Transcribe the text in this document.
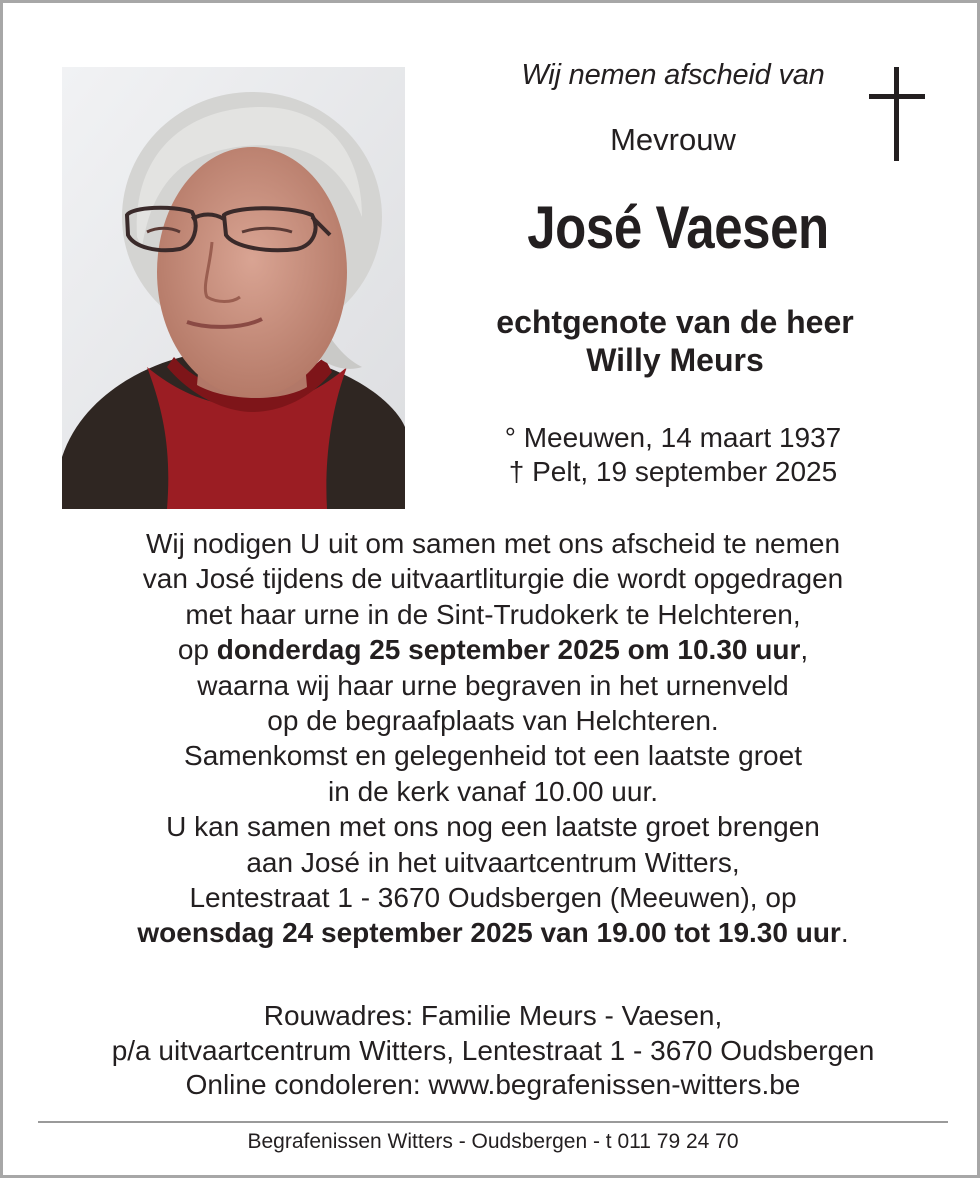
Wij nemen afscheid van
Mevrouw
José Vaesen
echtgenote van de heer
Willy Meurs
° Meeuwen, 14 maart 1937
† Pelt, 19 september 2025
Wij nodigen U uit om samen met ons afscheid te nemen
van José tijdens de uitvaartliturgie die wordt opgedragen
met haar urne in de Sint-Trudokerk te Helchteren,
op donderdag 25 september 2025 om 10.30 uur,
waarna wij haar urne begraven in het urnenveld
op de begraafplaats van Helchteren.
Samenkomst en gelegenheid tot een laatste groet
in de kerk vanaf 10.00 uur.
U kan samen met ons nog een laatste groet brengen
aan José in het uitvaartcentrum Witters,
Lentestraat 1 - 3670 Oudsbergen (Meeuwen), op
woensdag 24 september 2025 van 19.00 tot 19.30 uur.
Rouwadres: Familie Meurs - Vaesen,
p/a uitvaartcentrum Witters, Lentestraat 1 - 3670 Oudsbergen
Online condoleren: www.begrafenissen-witters.be
Begrafenissen Witters - Oudsbergen - t 011 79 24 70
